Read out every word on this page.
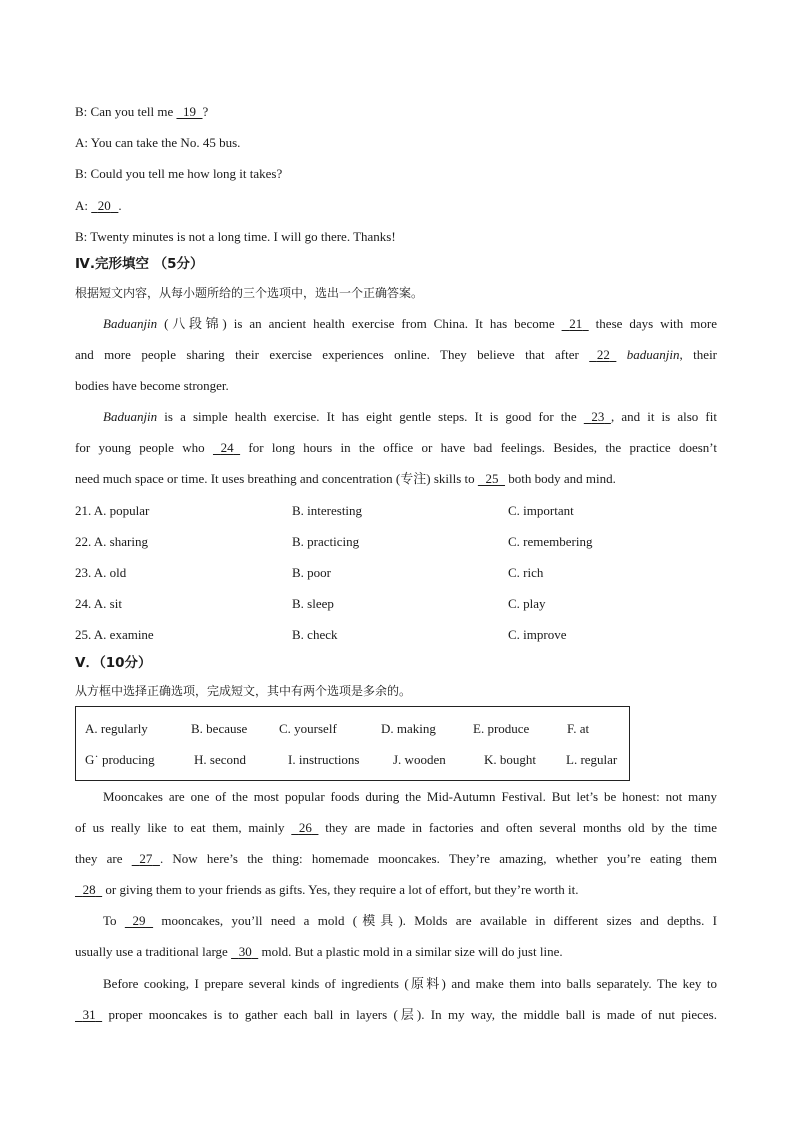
B: Can you tell me       19       ?
A: You can take the No. 45 bus.
B: Could you tell me how long it takes?
A:       20        .
B: Twenty minutes is not a long time. I will go there. Thanks!
Ⅳ.完形填空 （5分）
根据短文内容，从每小题所给的三个选项中，选出一个正确答案。
Baduanjin (八段锦) is an ancient health exercise from China. It has become        21       these days with more
and more people sharing their exercise experiences online. They believe that after        22       baduanjin, their
bodies have become stronger.
Baduanjin is a simple health exercise. It has eight gentle steps. It is good for the        23       , and it is also fit
for young people who        24       for long hours in the office or have bad feelings. Besides, the practice doesn’t
need much space or time. It uses breathing and concentration (专注) skills to        25       both body and mind.
21. A. popular	B. interesting	C. important
22. A. sharing	B. practicing	C. remembering
23. A. old	B. poor	C. rich
24. A. sit	B. sleep	C. play
25. A. examine	B. check	C. improve
Ⅴ．（10分）
从方框中选择正确选项，完成短文，其中有两个选项是多余的。
A. regularly	B. because C. yourself	D. making	E. produce	F. at
G˙ producing	H. second	I. instructions	J. wooden	K. bought L. regular
Mooncakes are one of the most popular foods during the Mid-Autumn Festival. But let’s be honest: not many
of us really like to eat them, mainly        26       they are made in factories and often several months old by the time
they are        27        . Now here’s the thing: homemade mooncakes. They’re amazing, whether you’re eating them
       28       or giving them to your friends as gifts. Yes, they require a lot of effort, but they’re worth it.
To        29        mooncakes, you’ll need a mold (模具). Molds are available in different sizes and depths. I
usually use a traditional large        30       mold. But a plastic mold in a similar size will do just line.
Before cooking, I prepare several kinds of ingredients (原料) and make them into balls separately. The key to
       31       proper mooncakes is to gather each ball in layers (层). In my way, the middle ball is made of nut pieces.
